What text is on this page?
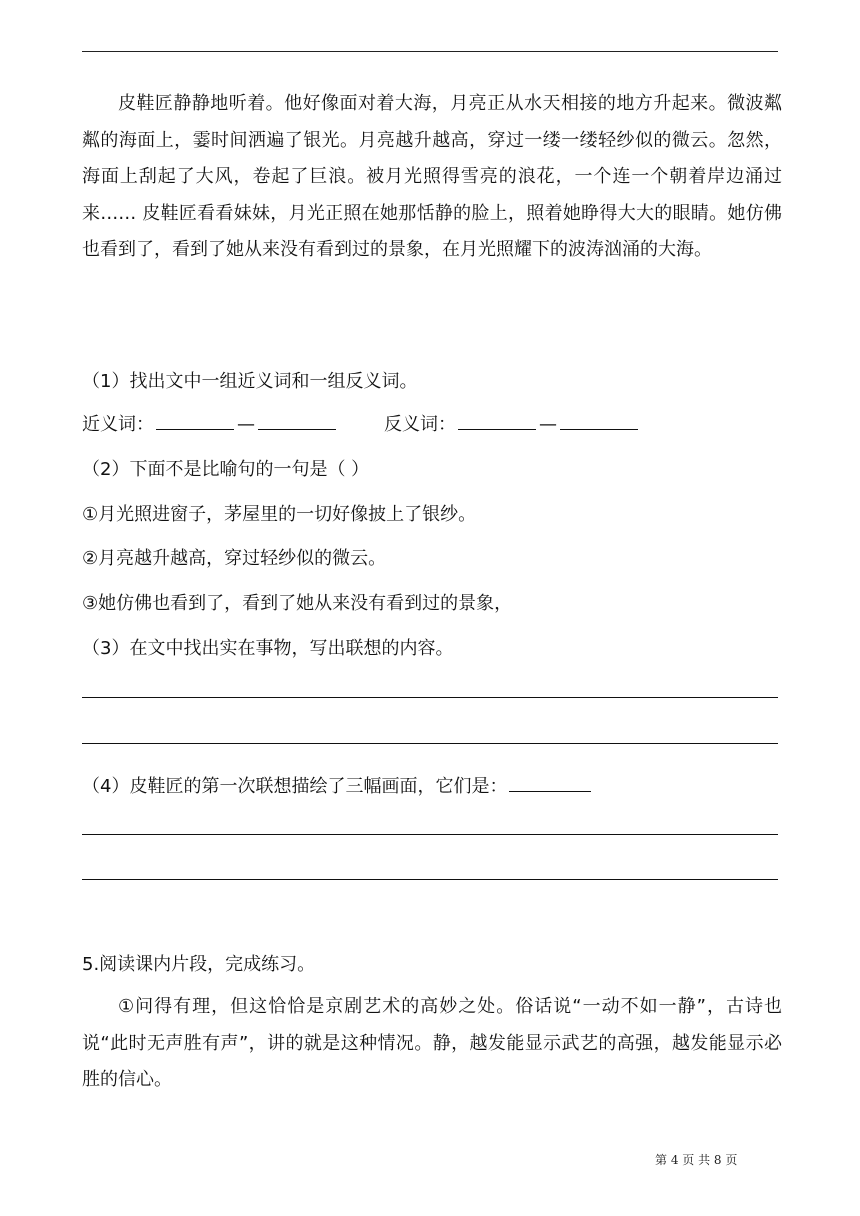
皮鞋匠静静地听着。他好像面对着大海，月亮正从水天相接的地方升起来。微波粼粼的海面上，霎时间洒遍了银光。月亮越升越高，穿过一缕一缕轻纱似的微云。忽然，海面上刮起了大风，卷起了巨浪。被月光照得雪亮的浪花，一个连一个朝着岸边涌过来…… 皮鞋匠看看妹妹，月光正照在她那恬静的脸上，照着她睁得大大的眼睛。她仿佛也看到了，看到了她从来没有看到过的景象，在月光照耀下的波涛汹涌的大海。

（1）找出文中一组近义词和一组反义词。
近义词：	—	反义词：	—
（2）下面不是比喻句的一句是（ ）
①月光照进窗子，茅屋里的一切好像披上了银纱。
②月亮越升越高，穿过轻纱似的微云。
③她仿佛也看到了，看到了她从来没有看到过的景象，
（3）在文中找出实在事物，写出联想的内容。
（4）皮鞋匠的第一次联想描绘了三幅画面，它们是：
5.阅读课内片段，完成练习。

①问得有理，但这恰恰是京剧艺术的高妙之处。俗话说“一动不如一静”，古诗也说“此时无声胜有声”，讲的就是这种情况。静，越发能显示武艺的高强，越发能显示必胜的信心。

第 4 页 共 8 页
